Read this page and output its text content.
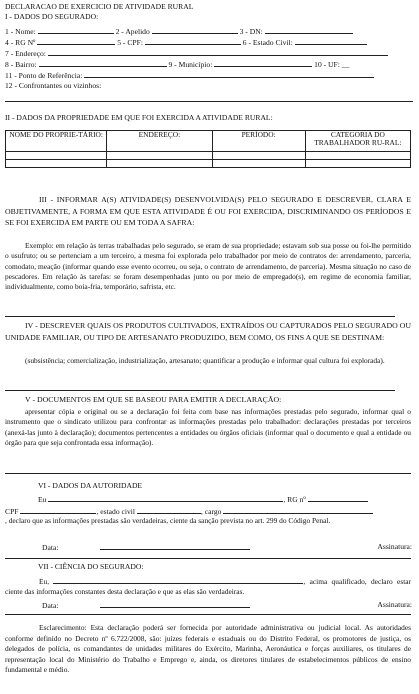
DECLARACAO DE EXERCICIO DE ATIVIDADE RURAL
I - DADOS DO SEGURADO:
1 - Nome:	2 - Apelido	3 - DN:
4 - RG Nº	5 - CPF:	6 - Estado Civil:
7 - Endereço:
8 - Bairro:	9 - Município:	10 - UF: __
11 - Ponto de Referência:
12 - Confrontantes ou vizinhos:
II - DADOS DA PROPRIEDADE EM QUE FOI EXERCIDA A ATIVIDADE RURAL:
NOME DO PROPRIE-TÁRIO:	ENDEREÇO:	PERÍODO:	CATEGORIA DO TRABALHADOR RU-RAL:

III - INFORMAR A(S) ATIVIDADE(S) DESENVOLVIDA(S) PELO SEGURADO E DESCREVER, CLARA E OBJETIVAMENTE, A FORMA EM QUE ESTA ATIVIDADE É OU FOI EXERCIDA, DISCRIMINANDO OS PERÍODOS E SE FOI EXERCIDA EM PARTE OU EM TODA A SAFRA:
Exemplo: em relação às terras trabalhadas pelo segurado, se eram de sua propriedade; estavam sob sua posse ou foi-lhe permitido o usufruto; ou se pertenciam a um terceiro, a mesma foi explorada pelo trabalhador por meio de contratos de: arrendamento, parceria, comodato, meação (informar quando esse evento ocorreu, ou seja, o contrato de arrendamento, de parceria). Mesma situação no caso de pescadores. Em relação às tarefas: se foram desempenhadas junto ou por meio de empregado(s), em regime de economia familiar, individualmente, como boia-fria, temporário, safrista, etc.
IV - DESCREVER QUAIS OS PRODUTOS CULTIVADOS, EXTRAÍDOS OU CAPTURADOS PELO SEGURADO OU UNIDADE FAMILIAR, OU TIPO DE ARTESANATO PRODUZIDO, BEM COMO, OS FINS A QUE SE DESTINAM:
(subsistência; comercialização, industrialização, artesanato; quantificar a produção e informar qual cultura foi explorada).
V - DOCUMENTOS EM QUE SE BASEOU PARA EMITIR A DECLARAÇÃO:
apresentar cópia e original ou se a declaração foi feita com base nas informações prestadas pelo segurado, informar qual o instrumento que o sindicato utilizou para confrontar as informações prestadas pelo trabalhador: declarações prestadas por terceiros (anexá-las junto à declaração); documentos pertencentes a entidades ou órgãos oficiais (informar qual o documento e qual a entidade ou órgão para que seja confrontada essa informação).
VI - DADOS DA AUTORIDADE
Eu	, RG nº
CPF	, estado civil	, cargo
, declaro que as informações prestadas são verdadeiras, ciente da sanção prevista no art. 299 do Código Penal.
Data:	Assinatura:
VII - CIÊNCIA DO SEGURADO:
Eu,	, acima qualificado, declaro estar ciente das informações constantes desta declaração e que as elas são verdadeiras.
Data:	Assinatura:
Esclarecimento: Esta declaração poderá ser fornecida por autoridade administrativa ou judicial local. As autoridades conforme definido no Decreto nº 6.722/2008, são: juízes federais e estaduais ou do Distrito Federal, os promotores de justiça, os delegados de polícia, os comandantes de unidades militares do Exército, Marinha, Aeronáutica e forças auxiliares, os titulares de representação local do Ministério do Trabalho e Emprego e, ainda, os diretores titulares de estabelecimentos públicos de ensino fundamental e médio.
